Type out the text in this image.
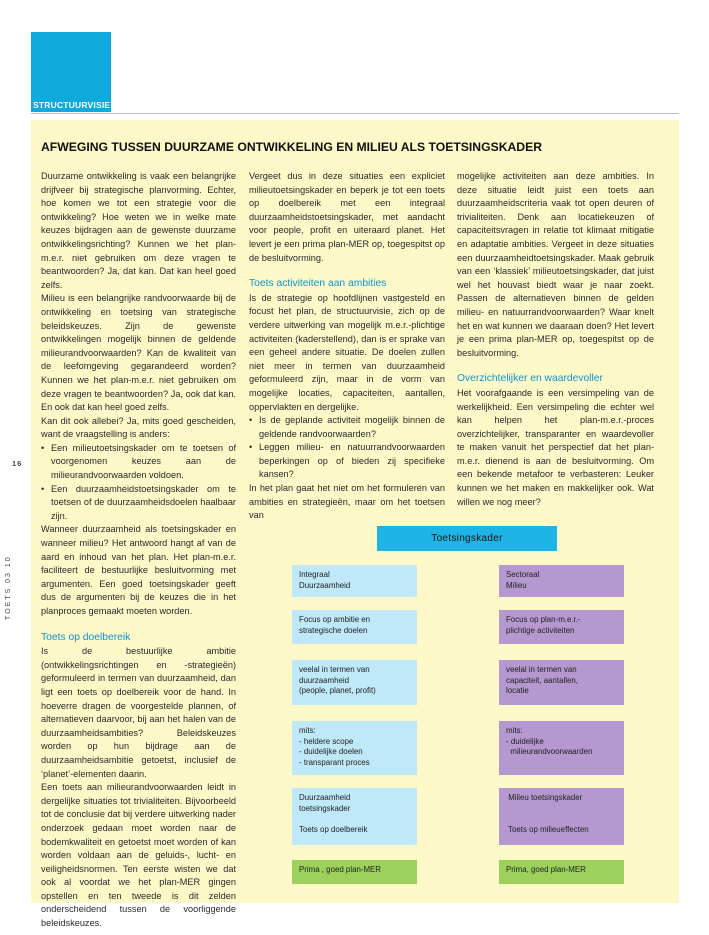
STRUCTUURVISIE
AFWEGING TUSSEN DUURZAME ONTWIKKELING EN MILIEU ALS TOETSINGSKADER

Duurzame ontwikkeling is vaak een belangrijke drijfveer bij strategische planvorming. Echter, hoe komen we tot een strategie voor die ontwikkeling? Hoe weten we in welke mate keuzes bijdragen aan de gewenste duurzame ontwikkelingsrichting? Kunnen we het plan-m.e.r. niet gebruiken om deze vragen te beantwoorden? Ja, dat kan. Dat kan heel goed zelfs.

Milieu is een belangrijke randvoorwaarde bij de ontwikkeling en toetsing van strategische beleidskeuzes. Zijn de gewenste ontwikkelingen mogelijk binnen de geldende milieurandvoorwaarden? Kan de kwaliteit van de leefomgeving gegarandeerd worden? Kunnen we het plan-m.e.r. niet gebruiken om deze vragen te beantwoorden? Ja, ook dat kan. En ook dat kan heel goed zelfs.

Kan dit ook allebei? Ja, mits goed gescheiden, want de vraagstelling is anders:

• Een milieutoetsingskader om te toetsen of voorgenomen keuzes aan de milieurandvoorwaarden voldoen.
• Een duurzaamheidstoetsingskader om te toetsen of de duurzaamheidsdoelen haalbaar zijn.

Wanneer duurzaamheid als toetsingskader en wanneer milieu? Het antwoord hangt af van de aard en inhoud van het plan. Het plan-m.e.r. faciliteert de bestuurlijke besluitvorming met argumenten. Een goed toetsingskader geeft dus de argumenten bij de keuzes die in het planproces gemaakt moeten worden.

Toets op doelbereik

Is de bestuurlijke ambitie (ontwikkelingsrichtingen en -strategieën) geformuleerd in termen van duurzaamheid, dan ligt een toets op doelbereik voor de hand. In hoeverre dragen de voorgestelde plannen, of alternatieven daarvoor, bij aan het halen van de duurzaamheidsambities? Beleidskeuzes worden op hun bijdrage aan de duurzaamheidsambitie getoetst, inclusief de ‘planet’-elementen daarin.

Een toets aan milieurandvoorwaarden leidt in dergelijke situaties tot trivialiteiten. Bijvoorbeeld tot de conclusie dat bij verdere uitwerking nader onderzoek gedaan moet worden naar de bodemkwaliteit en getoetst moet worden of kan worden voldaan aan de geluids-, lucht- en veiligheidsnormen. Ten eerste wisten we dat ook al voordat we het plan-MER gingen opstellen en ten tweede is dit zelden onderscheidend tussen de voorliggende beleidskeuzes.

Vergeet dus in deze situaties een expliciet milieutoetsingskader en beperk je tot een toets op doelbereik met een integraal duurzaamheidstoetsingskader, met aandacht voor people, profit en uiteraard planet. Het levert je een prima plan-MER op, toegespitst op de besluitvorming.

Toets activiteiten aan ambities

Is de strategie op hoofdlijnen vastgesteld en focust het plan, de structuurvisie, zich op de verdere uitwerking van mogelijk m.e.r.-plichtige activiteiten (kaderstellend), dan is er sprake van een geheel andere situatie. De doelen zullen niet meer in termen van duurzaamheid geformuleerd zijn, maar in de vorm van mogelijke locaties, capaciteiten, aantallen, oppervlakten en dergelijke.

• Is de geplande activiteit mogelijk binnen de geldende randvoorwaarden?
• Leggen milieu- en natuurrandvoorwaarden beperkingen op of bieden zij specifieke kansen?

In het plan gaat het niet om het formuleren van ambities en strategieën, maar om het toetsen van

mogelijke activiteiten aan deze ambities. In deze situatie leidt juist een toets aan duurzaamheidscriteria vaak tot open deuren of trivialiteiten. Denk aan locatiekeuzen of capaciteitsvragen in relatie tot klimaat mitigatie en adaptatie ambities. Vergeet in deze situaties een duurzaamheidtoetsingskader. Maak gebruik van een ‘klassiek’ milieutoetsingskader, dat juist wel het houvast biedt waar je naar zoekt. Passen de alternatieven binnen de gelden milieu- en natuurrandvoorwaarden? Waar knelt het en wat kunnen we daaraan doen? Het levert je een prima plan-MER op, toegespitst op de besluitvorming.

Overzichtelijker en waardevoller

Het voorafgaande is een versimpeling van de werkelijkheid. Een versimpeling die echter wel kan helpen het plan-m.e.r.-proces overzichtelijker, transparanter en waardevoller te maken vanuit het perspectief dat het plan-m.e.r. dienend is aan de besluitvorming. Om een bekende metafoor te verbasteren: Leuker kunnen we het maken en makkelijker ook. Wat willen we nog meer?

16
TOETS 03 10
Toetsingskader
Integraal
Duurzaamheid
Focus op ambitie en
strategische doelen
veelal in termen van
duurzaamheid
(people, planet, profit)
mits:
- heldere scope
- duidelijke doelen
- transparant proces
Duurzaamheid
toetsingskader

Toets op doelbereik
Prima , goed plan-MER
Sectoraal
Milieu
Focus op plan-m.e.r.-
plichtige activiteiten
veelal in termen van
capaciteit, aantallen,
locatie
mits:
- duidelijke
milieurandvoorwaarden
Milieu toetsingskader

Toets op milieueffecten
Prima, goed plan-MER
